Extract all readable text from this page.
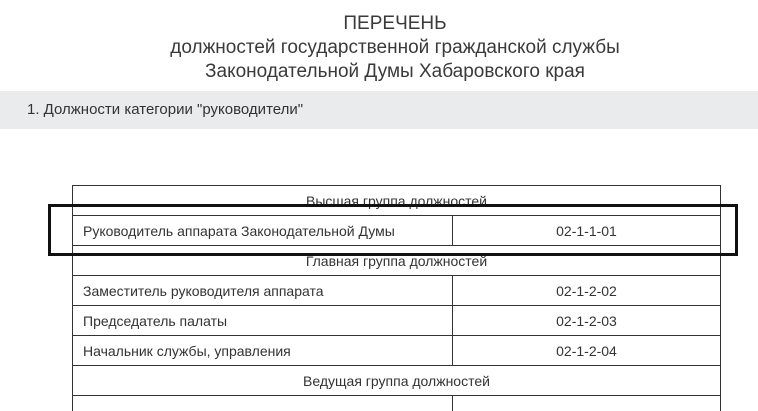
ПЕРЕЧЕНЬ
должностей государственной гражданской службы
Законодательной Думы Хабаровского края
1. Должности категории "руководители"
Высшая группа должностей	
Руководитель аппарата Законодательной Думы	02-1-1-01
Главная группа должностей	
Заместитель руководителя аппарата	02-1-2-02
Председатель палаты	02-1-2-03
Начальник службы, управления	02-1-2-04
Ведущая группа должностей	
